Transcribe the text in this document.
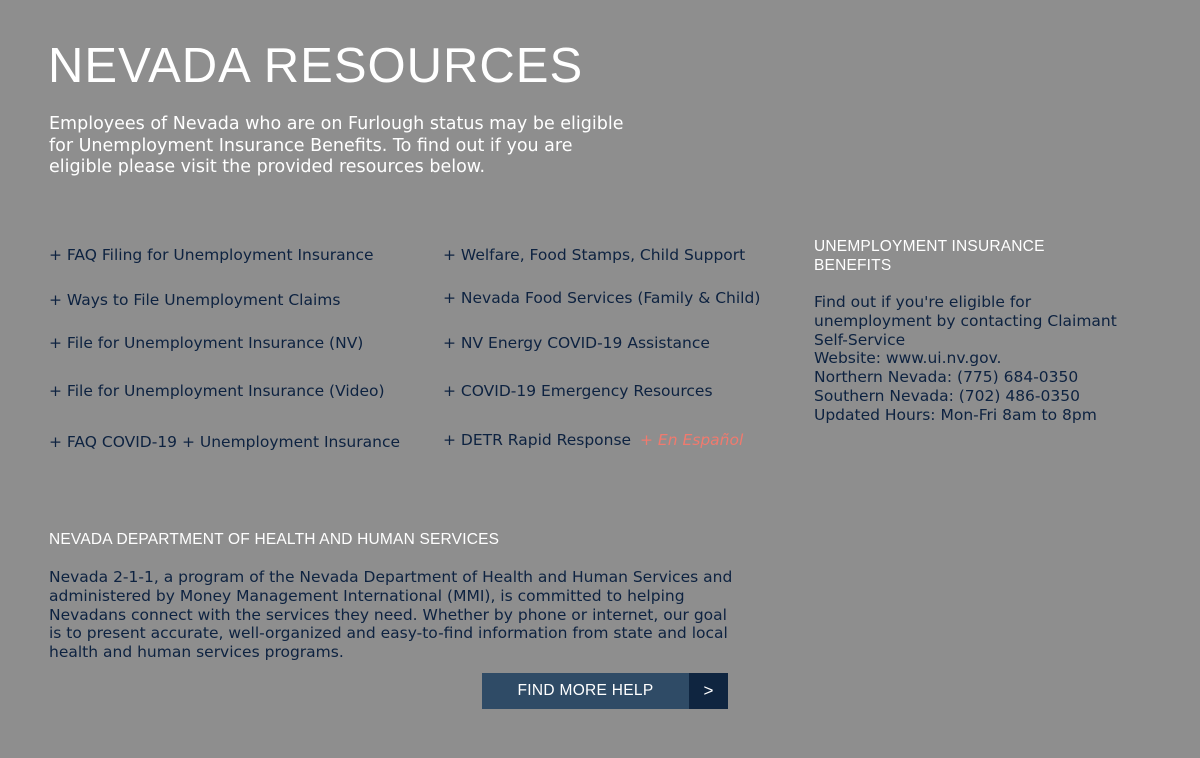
NEVADA RESOURCES

Employees of Nevada who are on Furlough status may be eligible for Unemployment Insurance Benefits. To find out if you are eligible please visit the provided resources below.

+ FAQ Filing for Unemployment Insurance
+ Ways to File Unemployment Claims
+ File for Unemployment Insurance (NV)
+ File for Unemployment Insurance (Video)
+ FAQ COVID-19 + Unemployment Insurance
+ Welfare, Food Stamps, Child Support
+ Nevada Food Services (Family & Child)
+ NV Energy COVID-19 Assistance
+ COVID-19 Emergency Resources
+ DETR Rapid Response + En Español
UNEMPLOYMENT INSURANCE BENEFITS
Find out if you're eligible for
unemployment by contacting Claimant
Self-Service
Website: www.ui.nv.gov.
Northern Nevada: (775) 684-0350
Southern Nevada: (702) 486-0350
Updated Hours: Mon-Fri 8am to 8pm
NEVADA DEPARTMENT OF HEALTH AND HUMAN SERVICES

Nevada 2-1-1, a program of the Nevada Department of Health and Human Services and administered by Money Management International (MMI), is committed to helping Nevadans connect with the services they need. Whether by phone or internet, our goal is to present accurate, well-organized and easy-to-find information from state and local health and human services programs.

FIND MORE HELP	>
